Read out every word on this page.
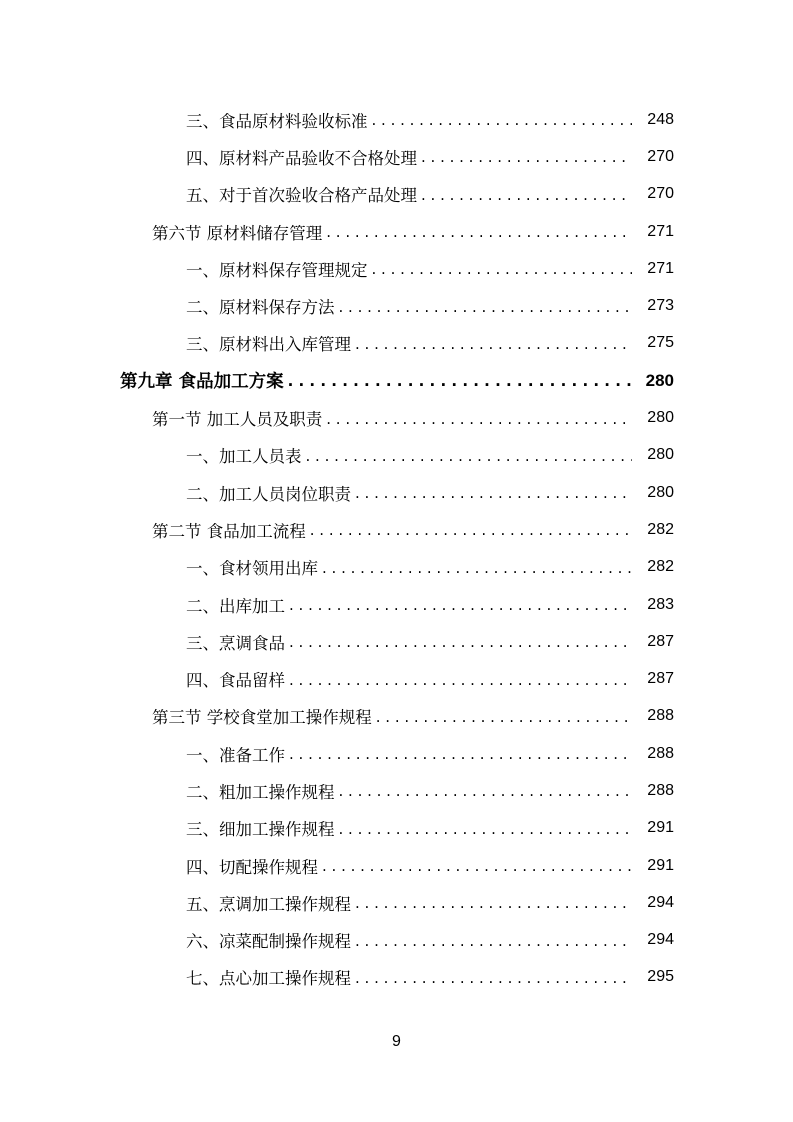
三、食品原材料验收标准 . . .	248
四、原材料产品验收不合格处理 . . .	270
五、对于首次验收合格产品处理 . . .	270
第六节 原材料储存管理 . . .	271
一、原材料保存管理规定 . . .	271
二、原材料保存方法 . . .	273
三、原材料出入库管理 . . .	275
第九章 食品加工方案 . . .	280
第一节 加工人员及职责 . . .	280
一、加工人员表 . . .	280
二、加工人员岗位职责 . . .	280
第二节 食品加工流程 . . .	282
一、食材领用出库 . . .	282
二、出库加工 . . .	283
三、烹调食品 . . .	287
四、食品留样 . . .	287
第三节 学校食堂加工操作规程 . . .	288
一、准备工作 . . .	288
二、粗加工操作规程 . . .	288
三、细加工操作规程 . . .	291
四、切配操作规程 . . .	291
五、烹调加工操作规程 . . .	294
六、凉菜配制操作规程 . . .	294
七、点心加工操作规程 . . .	295
9
